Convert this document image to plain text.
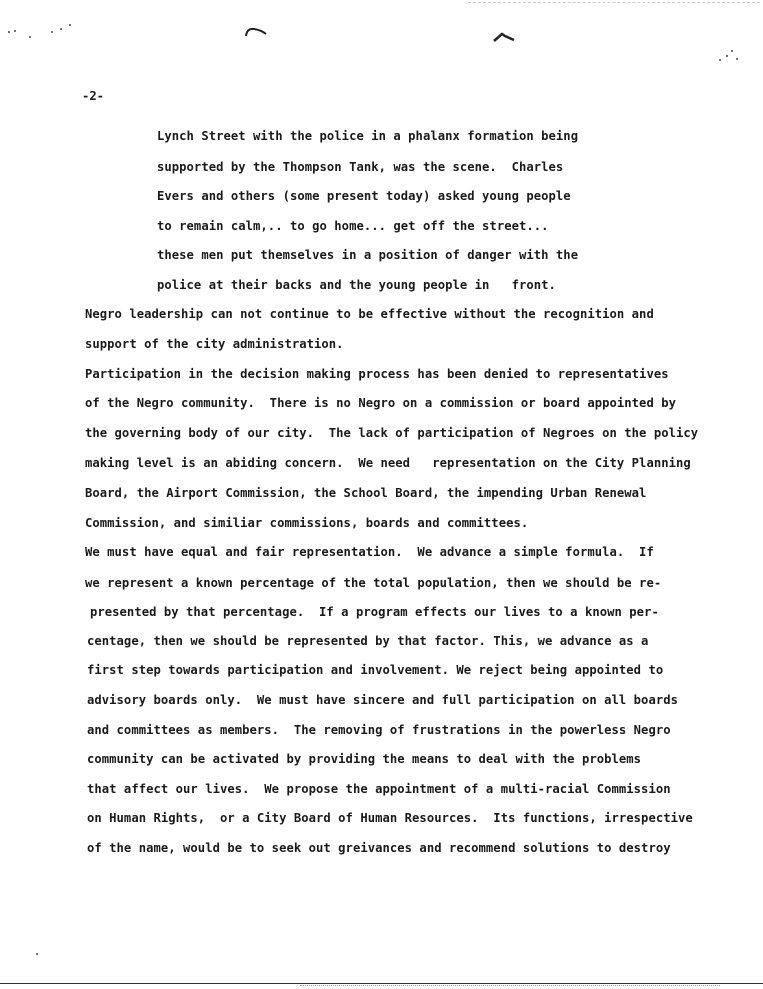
-2-
Lynch Street with the police in a phalanx formation being
supported by the Thompson Tank, was the scene.  Charles
Evers and others (some present today) asked young people
to remain calm,.. to go home... get off the street...
these men put themselves in a position of danger with the
police at their backs and the young people in   front.
Negro leadership can not continue to be effective without the recognition and
support of the city administration.
Participation in the decision making process has been denied to representatives
of the Negro community.  There is no Negro on a commission or board appointed by
the governing body of our city.  The lack of participation of Negroes on the policy
making level is an abiding concern.  We need   representation on the City Planning
Board, the Airport Commission, the School Board, the impending Urban Renewal
Commission, and similiar commissions, boards and committees.
We must have equal and fair representation.  We advance a simple formula.  If
we represent a known percentage of the total population, then we should be re-
presented by that percentage.  If a program effects our lives to a known per-
centage, then we should be represented by that factor. This, we advance as a
first step towards participation and involvement. We reject being appointed to
advisory boards only.  We must have sincere and full participation on all boards
and committees as members.  The removing of frustrations in the powerless Negro
community can be activated by providing the means to deal with the problems
that affect our lives.  We propose the appointment of a multi-racial Commission
on Human Rights,  or a City Board of Human Resources.  Its functions, irrespective
of the name, would be to seek out greivances and recommend solutions to destroy
